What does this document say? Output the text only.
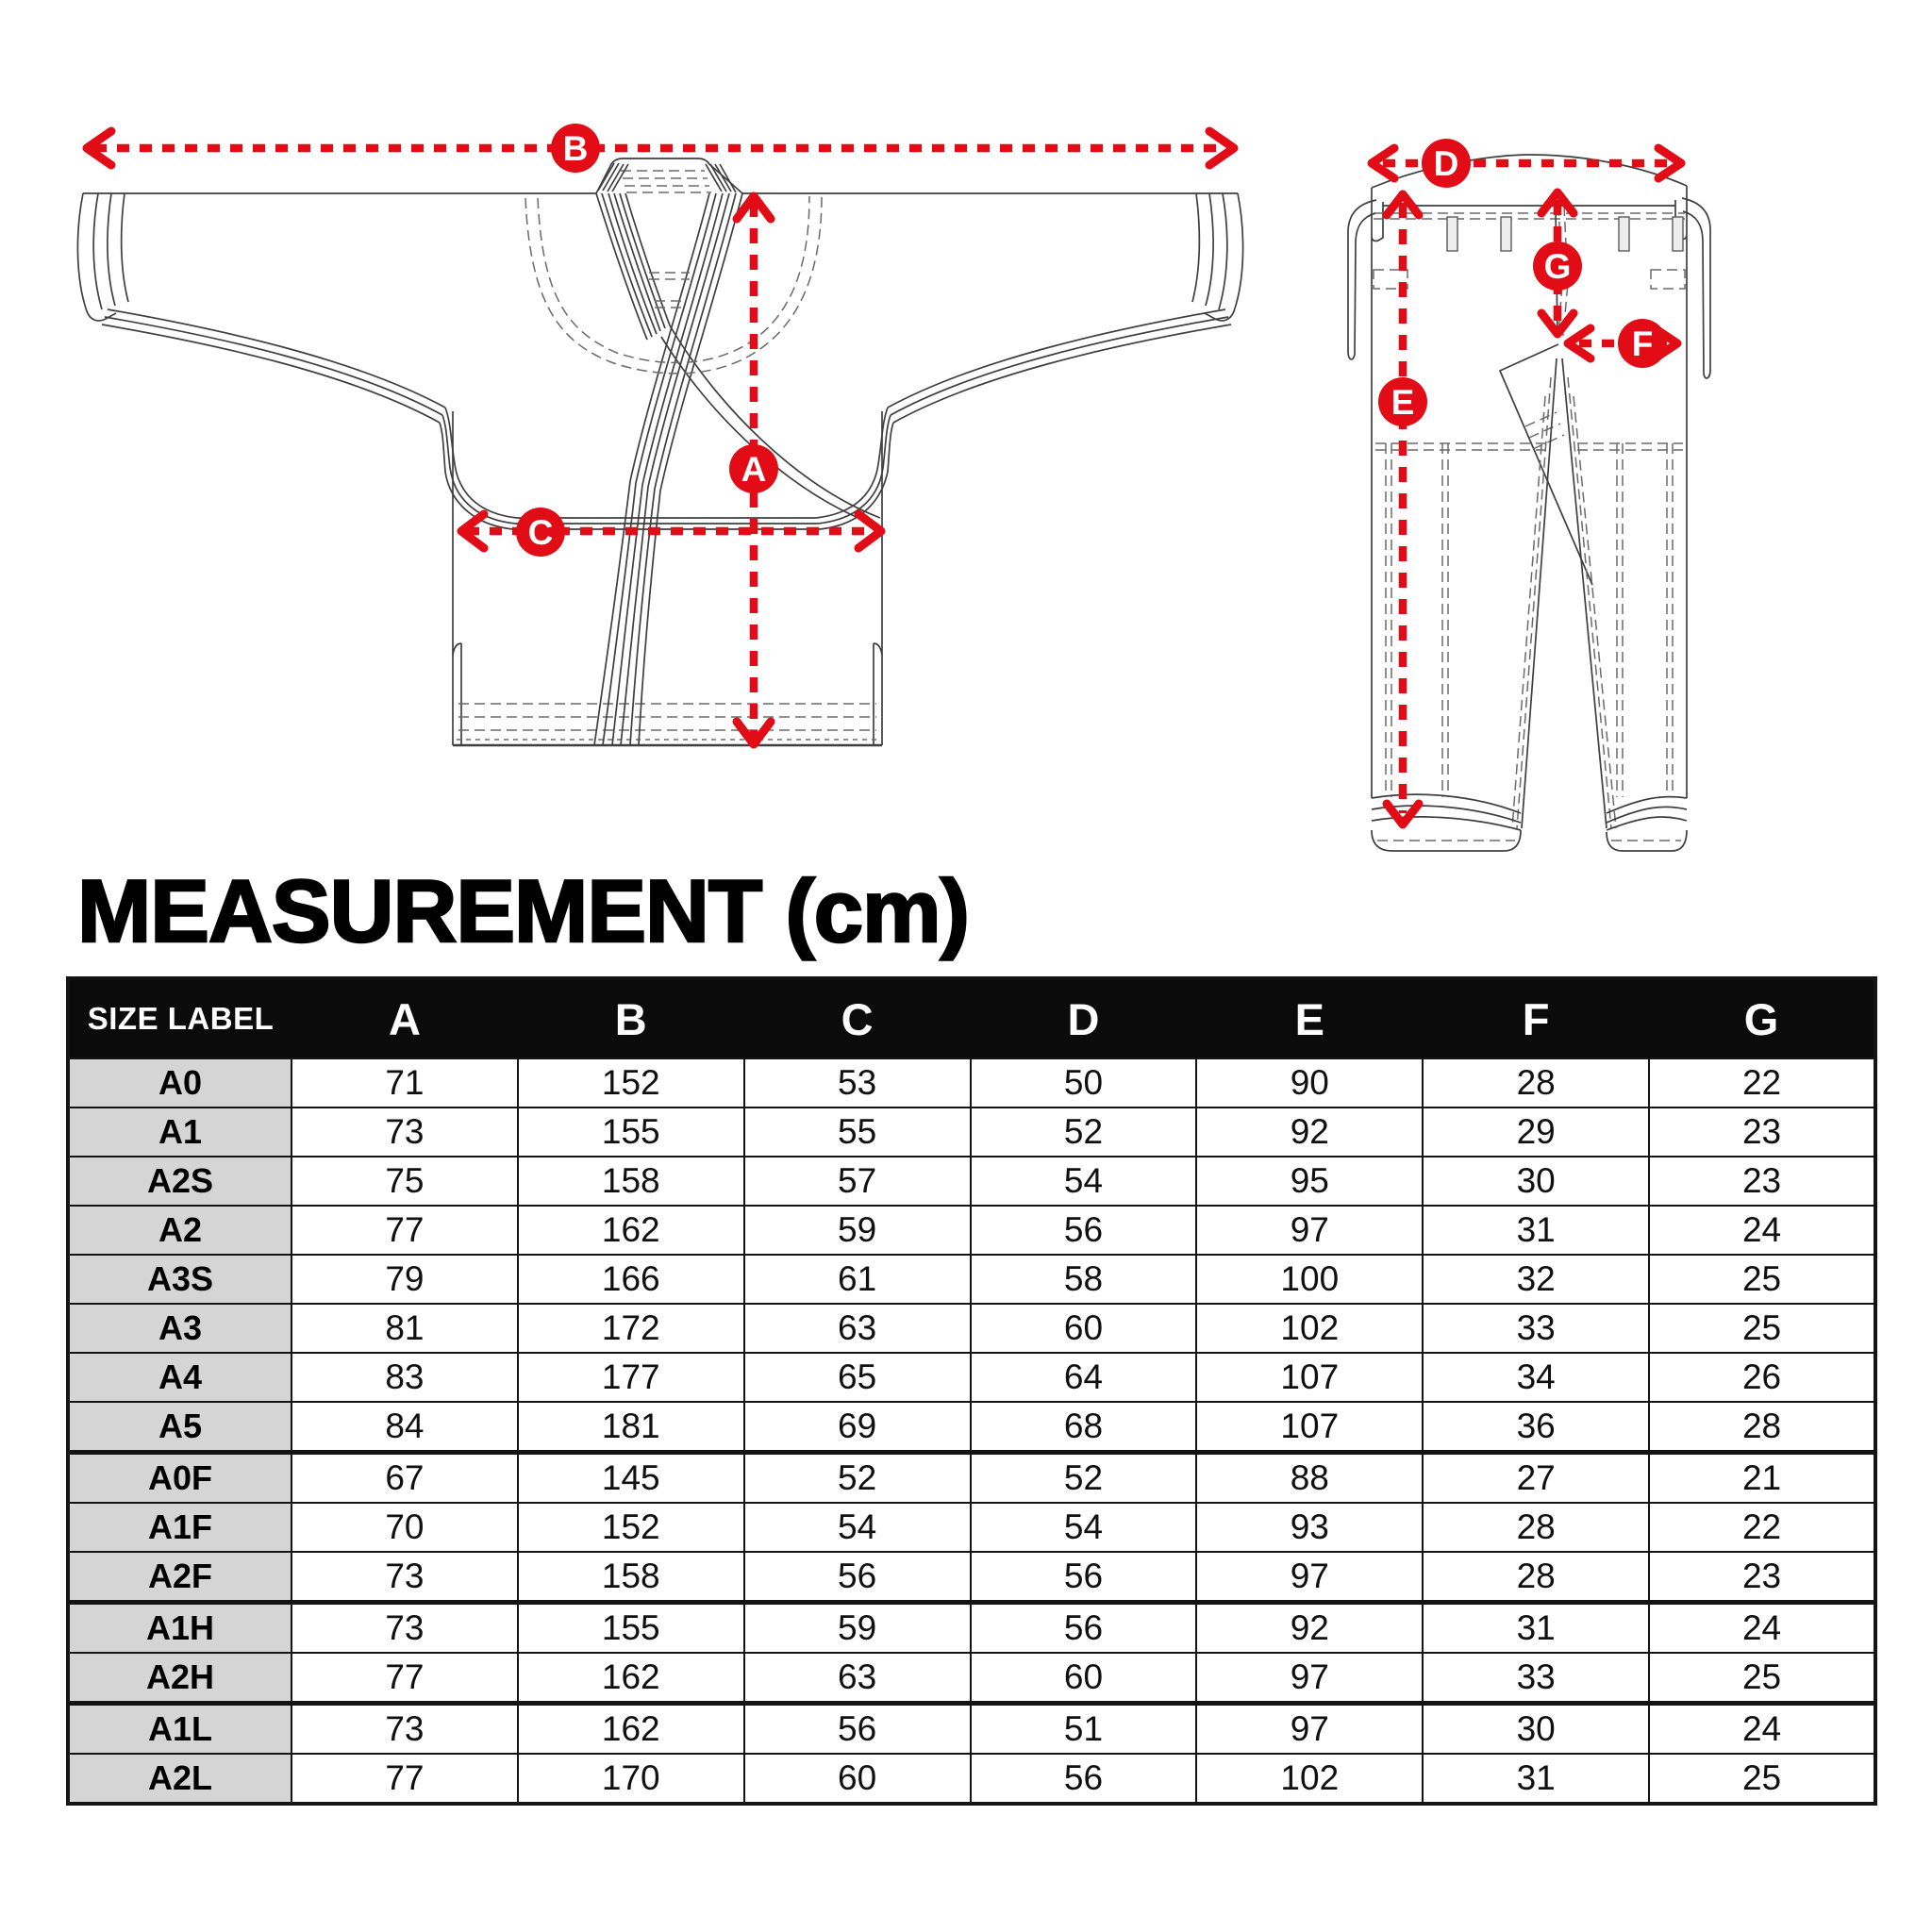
A
B
C
D
E
F
G
MEASUREMENT (cm)
SIZE LABEL	A	B	C	D	E	F	G
A0	71	152	53	50	90	28	22
A1	73	155	55	52	92	29	23
A2S	75	158	57	54	95	30	23
A2	77	162	59	56	97	31	24
A3S	79	166	61	58	100	32	25
A3	81	172	63	60	102	33	25
A4	83	177	65	64	107	34	26
A5	84	181	69	68	107	36	28
A0F	67	145	52	52	88	27	21
A1F	70	152	54	54	93	28	22
A2F	73	158	56	56	97	28	23
A1H	73	155	59	56	92	31	24
A2H	77	162	63	60	97	33	25
A1L	73	162	56	51	97	30	24
A2L	77	170	60	56	102	31	25
